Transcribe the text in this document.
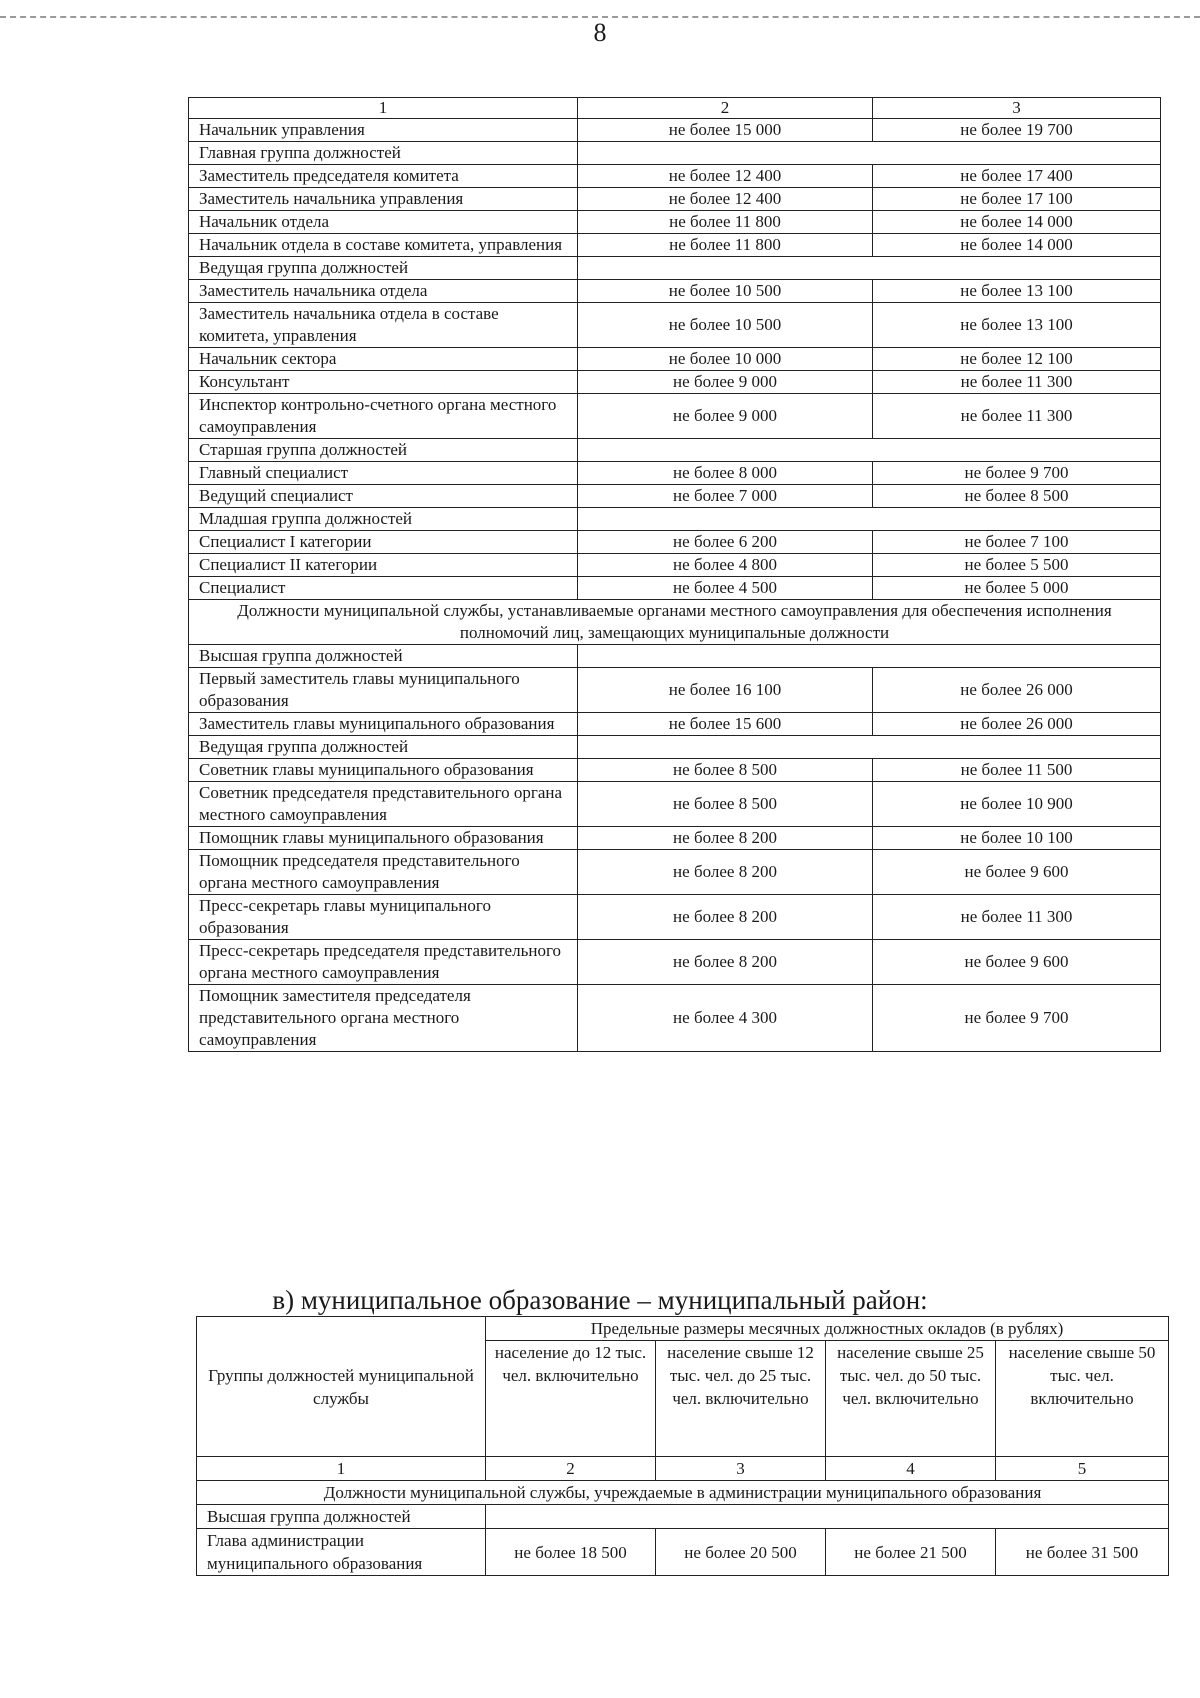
8
1	2	3
Начальник управления	не более 15 000	не более 19 700
Главная группа должностей		
Заместитель председателя комитета	не более 12 400	не более 17 400
Заместитель начальника управления	не более 12 400	не более 17 100
Начальник отдела	не более 11 800	не более 14 000
Начальник отдела в составе комитета, управления	не более 11 800	не более 14 000
Ведущая группа должностей		
Заместитель начальника отдела	не более 10 500	не более 13 100
Заместитель начальника отдела в составе комитета, управления	не более 10 500	не более 13 100
Начальник сектора	не более 10 000	не более 12 100
Консультант	не более 9 000	не более 11 300
Инспектор контрольно-счетного органа местного самоуправления	не более 9 000	не более 11 300
Старшая группа должностей		
Главный специалист	не более 8 000	не более 9 700
Ведущий специалист	не более 7 000	не более 8 500
Младшая группа должностей		
Специалист I категории	не более 6 200	не более 7 100
Специалист II категории	не более 4 800	не более 5 500
Специалист	не более 4 500	не более 5 000
Должности муниципальной службы, устанавливаемые органами местного самоуправления для обеспечения исполнения полномочий лиц, замещающих муниципальные должности		
Высшая группа должностей		
Первый заместитель главы муниципального образования	не более 16 100	не более 26 000
Заместитель главы муниципального образования	не более 15 600	не более 26 000
Ведущая группа должностей		
Советник главы муниципального образования	не более 8 500	не более 11 500
Советник председателя представительного органа местного самоуправления	не более 8 500	не более 10 900
Помощник главы муниципального образования	не более 8 200	не более 10 100
Помощник председателя представительного органа местного самоуправления	не более 8 200	не более 9 600
Пресс-секретарь главы муниципального образования	не более 8 200	не более 11 300
Пресс-секретарь председателя представительного органа местного самоуправления	не более 8 200	не более 9 600
Помощник заместителя председателя представительного органа местного самоуправления	не более 4 300	не более 9 700
в) муниципальное образование – муниципальный район:
Группы должностей муниципальной службы	Предельные размеры месячных должностных окладов (в рублях)			
	население до 12 тыс. чел. включительно	население свыше 12 тыс. чел. до 25 тыс. чел. включительно	население свыше 25 тыс. чел. до 50 тыс. чел. включительно	население свыше 50 тыс. чел. включительно
1	2	3	4	5
Должности муниципальной службы, учреждаемые в администрации муниципального образования				
Высшая группа должностей				
Глава администрации муниципального образования	не более 18 500	не более 20 500	не более 21 500	не более 31 500
